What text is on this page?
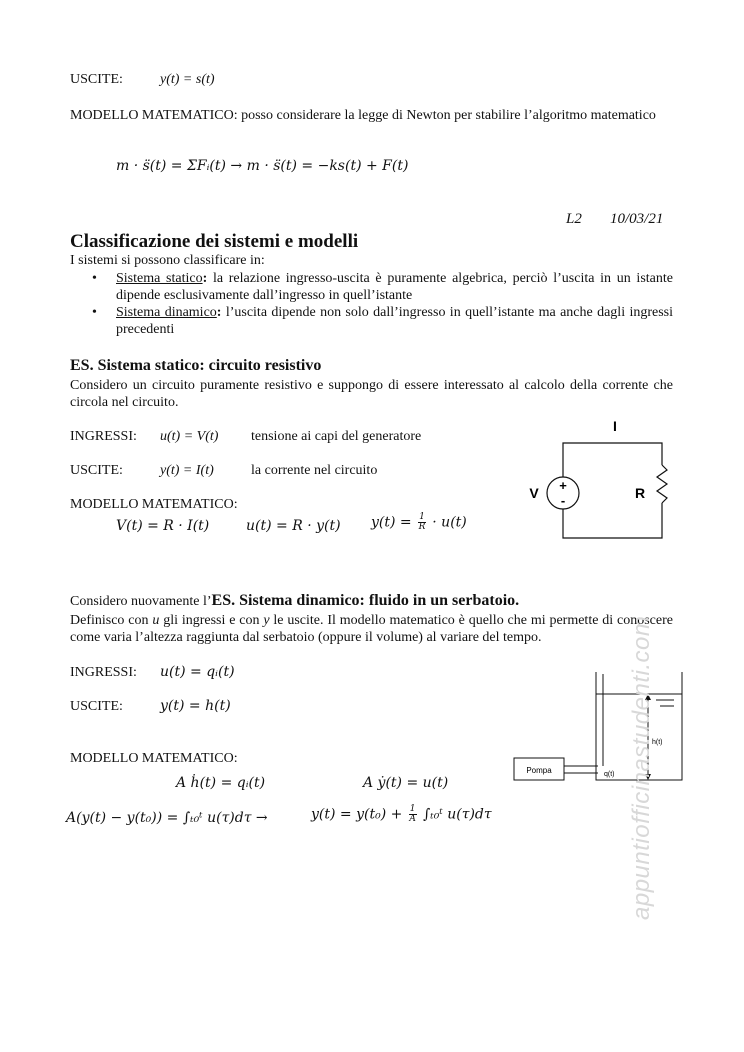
USCITE:	y(t) = s(t)
MODELLO MATEMATICO: posso considerare la legge di Newton per stabilire l’algoritmo matematico
m · s̈(t) = ΣFᵢ(t) → m · s̈(t) = −ks(t) + F(t)
L2 10/03/21
Classificazione dei sistemi e modelli
I sistemi si possono classificare in:
• Sistema statico: la relazione ingresso-uscita è puramente algebrica, perciò l’uscita in un istante dipende esclusivamente dall’ingresso in quell’istante
• Sistema dinamico: l’uscita dipende non solo dall’ingresso in quell’istante ma anche dagli ingressi precedenti
ES. Sistema statico: circuito resistivo
Considero un circuito puramente resistivo e suppongo di essere interessato al calcolo della corrente che circola nel circuito.
INGRESSI: u(t) = V(t) tensione ai capi del generatore
USCITE:	y(t) = I(t)	la corrente nel circuito
MODELLO MATEMATICO:
V(t) = R · I(t)	u(t) = R · y(t) $y(t) = \frac{1}{R} \cdot u(t)$
I
V	R
+
-
Considero nuovamente l’ES. Sistema dinamico: fluido in un serbatoio.
Definisco con u gli ingressi e con y le uscite. Il modello matematico è quello che mi permette di conoscere come varia l’altezza raggiunta dal serbatoio (oppure il volume) al variare del tempo.
INGRESSI: u(t) = qᵢ(t)
USCITE:	y(t) = h(t)
MODELLO MATEMATICO:
A ḣ(t) = qᵢ(t)	A ẏ(t) = u(t)
A(y(t) − y(t₀)) = ∫ₜ₀ᵗ u(τ)dτ →	$y(t) = y(t_0) + \frac{1}{A}$ ∫ₜ₀ᵗ u(τ)dτ
Pompa	q(t)
h(t)
appuntiofficinastudenti.com
